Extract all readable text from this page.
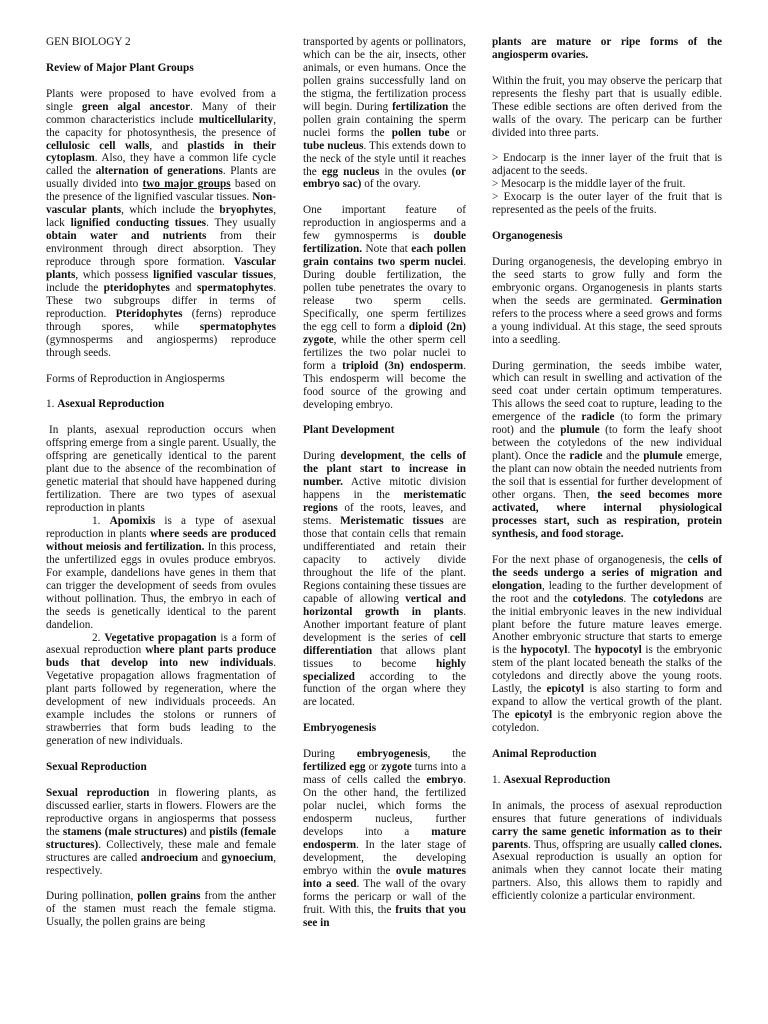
GEN BIOLOGY 2

Review of Major Plant Groups

Plants were proposed to have evolved from a single green algal ancestor. Many of their common characteristics include multicellularity, the capacity for photosynthesis, the presence of cellulosic cell walls, and plastids in their cytoplasm. Also, they have a common life cycle called the alternation of generations. Plants are usually divided into two major groups based on the presence of the lignified vascular tissues. Non-vascular plants, which include the bryophytes, lack lignified conducting tissues. They usually obtain water and nutrients from their environment through direct absorption. They reproduce through spore formation. Vascular plants, which possess lignified vascular tissues, include the pteridophytes and spermatophytes. These two subgroups differ in terms of reproduction. Pteridophytes (ferns) reproduce through spores, while spermatophytes (gymnosperms and angiosperms) reproduce through seeds.

Forms of Reproduction in Angiosperms

1. Asexual Reproduction

In plants, asexual reproduction occurs when offspring emerge from a single parent. Usually, the offspring are genetically identical to the parent plant due to the absence of the recombination of genetic material that should have happened during fertilization. There are two types of asexual reproduction in plants

1. Apomixis is a type of asexual reproduction in plants where seeds are produced without meiosis and fertilization. In this process, the unfertilized eggs in ovules produce embryos. For example, dandelions have genes in them that can trigger the development of seeds from ovules without pollination. Thus, the embryo in each of the seeds is genetically identical to the parent dandelion.

2. Vegetative propagation is a form of asexual reproduction where plant parts produce buds that develop into new individuals. Vegetative propagation allows fragmentation of plant parts followed by regeneration, where the development of new individuals proceeds. An example includes the stolons or runners of strawberries that form buds leading to the generation of new individuals.

Sexual Reproduction

Sexual reproduction in flowering plants, as discussed earlier, starts in flowers. Flowers are the reproductive organs in angiosperms that possess the stamens (male structures) and pistils (female structures). Collectively, these male and female structures are called androecium and gynoecium, respectively.

During pollination, pollen grains from the anther of the stamen must reach the female stigma. Usually, the pollen grains are being

transported by agents or pollinators, which can be the air, insects, other animals, or even humans. Once the pollen grains successfully land on the stigma, the fertilization process will begin. During fertilization the pollen grain containing the sperm nuclei forms the pollen tube or tube nucleus. This extends down to the neck of the style until it reaches the egg nucleus in the ovules (or embryo sac) of the ovary.

One important feature of reproduction in angiosperms and a few gymnosperms is double fertilization. Note that each pollen grain contains two sperm nuclei. During double fertilization, the pollen tube penetrates the ovary to release two sperm cells. Specifically, one sperm fertilizes the egg cell to form a diploid (2n) zygote, while the other sperm cell fertilizes the two polar nuclei to form a triploid (3n) endosperm. This endosperm will become the food source of the growing and developing embryo.

Plant Development

During development, the cells of the plant start to increase in number. Active mitotic division happens in the meristematic regions of the roots, leaves, and stems. Meristematic tissues are those that contain cells that remain undifferentiated and retain their capacity to actively divide throughout the life of the plant. Regions containing these tissues are capable of allowing vertical and horizontal growth in plants. Another important feature of plant development is the series of cell differentiation that allows plant tissues to become highly specialized according to the function of the organ where they are located.

Embryogenesis

During embryogenesis, the fertilized egg or zygote turns into a mass of cells called the embryo. On the other hand, the fertilized polar nuclei, which forms the endosperm nucleus, further develops into a mature endosperm. In the later stage of development, the developing embryo within the ovule matures into a seed. The wall of the ovary forms the pericarp or wall of the fruit. With this, the fruits that you see in

plants are mature or ripe forms of the angiosperm ovaries.

Within the fruit, you may observe the pericarp that represents the fleshy part that is usually edible. These edible sections are often derived from the walls of the ovary. The pericarp can be further divided into three parts.

> Endocarp is the inner layer of the fruit that is adjacent to the seeds.
> Mesocarp is the middle layer of the fruit.
> Exocarp is the outer layer of the fruit that is represented as the peels of the fruits.

Organogenesis

During organogenesis, the developing embryo in the seed starts to grow fully and form the embryonic organs. Organogenesis in plants starts when the seeds are germinated. Germination refers to the process where a seed grows and forms a young individual. At this stage, the seed sprouts into a seedling.

During germination, the seeds imbibe water, which can result in swelling and activation of the seed coat under certain optimum temperatures. This allows the seed coat to rupture, leading to the emergence of the radicle (to form the primary root) and the plumule (to form the leafy shoot between the cotyledons of the new individual plant). Once the radicle and the plumule emerge, the plant can now obtain the needed nutrients from the soil that is essential for further development of other organs. Then, the seed becomes more activated, where internal physiological processes start, such as respiration, protein synthesis, and food storage.

For the next phase of organogenesis, the cells of the seeds undergo a series of migration and elongation, leading to the further development of the root and the cotyledons. The cotyledons are the initial embryonic leaves in the new individual plant before the future mature leaves emerge. Another embryonic structure that starts to emerge is the hypocotyl. The hypocotyl is the embryonic stem of the plant located beneath the stalks of the cotyledons and directly above the young roots. Lastly, the epicotyl is also starting to form and expand to allow the vertical growth of the plant. The epicotyl is the embryonic region above the cotyledon.

Animal Reproduction

1. Asexual Reproduction

In animals, the process of asexual reproduction ensures that future generations of individuals carry the same genetic information as to their parents. Thus, offspring are usually called clones. Asexual reproduction is usually an option for animals when they cannot locate their mating partners. Also, this allows them to rapidly and efficiently colonize a particular environment.
